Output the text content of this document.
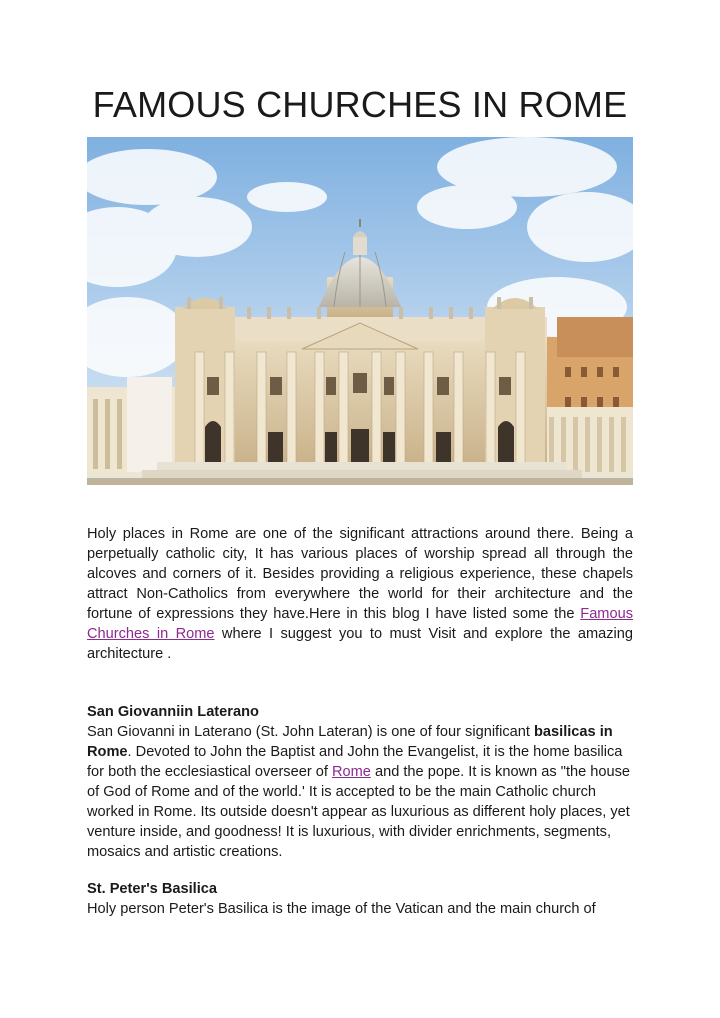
FAMOUS CHURCHES IN ROME

Holy places in Rome are one of the significant attractions around there. Being a perpetually catholic city, It has various places of worship spread all through the alcoves and corners of it. Besides providing a religious experience, these chapels attract Non-Catholics from everywhere the world for their architecture and the fortune of expressions they have.Here in this blog I have listed some the Famous Churches in Rome where I suggest you to must Visit and explore the amazing architecture .

San Giovanniin Laterano

San Giovanni in Laterano (St. John Lateran) is one of four significant basilicas in Rome. Devoted to John the Baptist and John the Evangelist, it is the home basilica for both the ecclesiastical overseer of Rome and the pope. It is known as "the house of God of Rome and of the world.' It is accepted to be the main Catholic church worked in Rome. Its outside doesn't appear as luxurious as different holy places, yet venture inside, and goodness! It is luxurious, with divider enrichments, segments, mosaics and artistic creations.

St. Peter's Basilica

Holy person Peter's Basilica is the image of the Vatican and the main church of
